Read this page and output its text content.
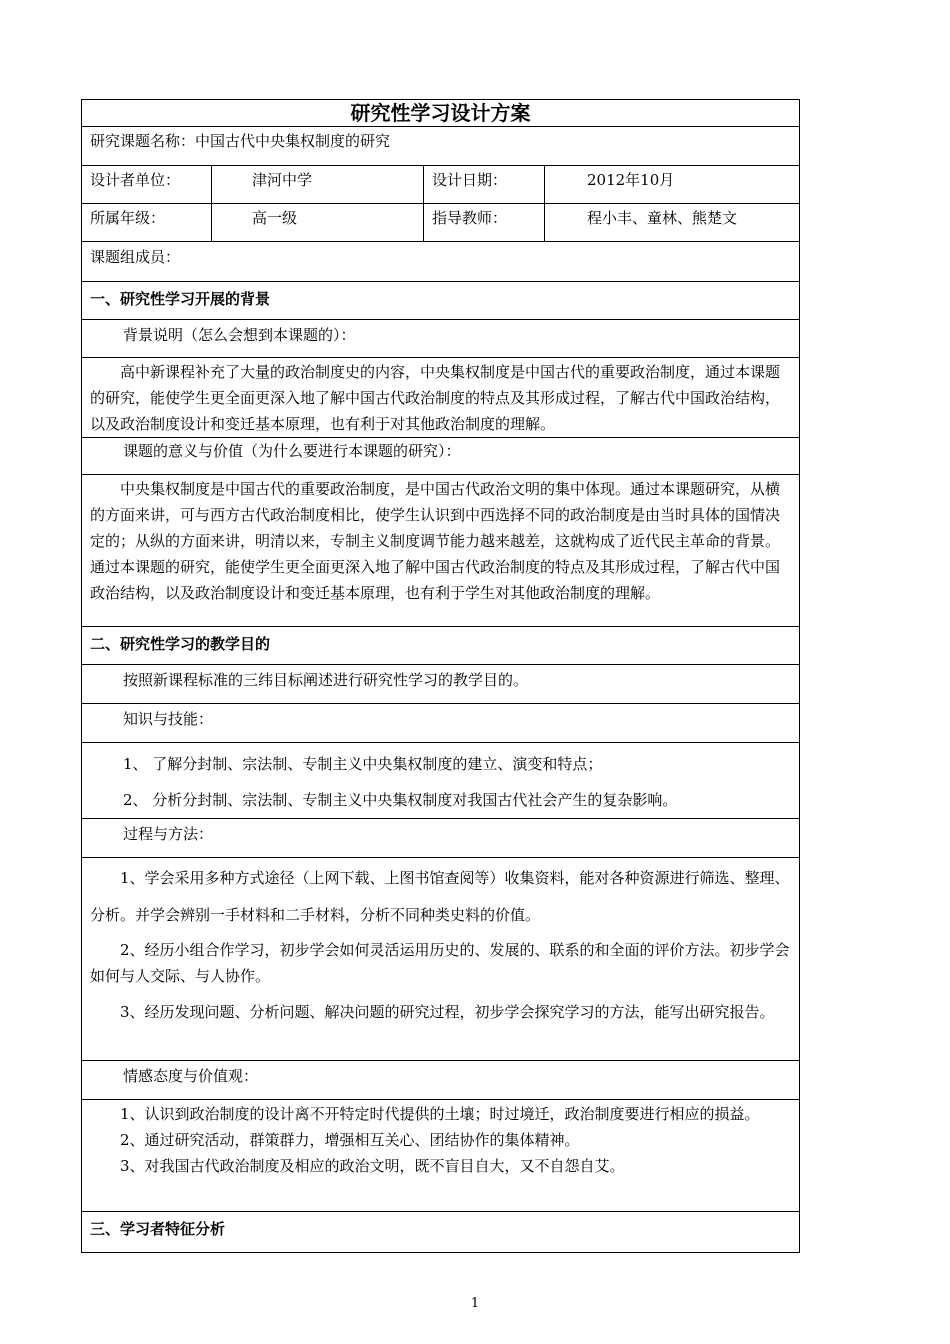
研究性学习设计方案			
研究课题名称：中国古代中央集权制度的研究			
设计者单位：	津河中学	设计日期：	2012年10月
所属年级：	高一级	指导教师：	程小丰、童林、熊楚文
课题组成员：			
一、研究性学习开展的背景			
背景说明（怎么会想到本课题的）：			
高中新课程补充了大量的政治制度史的内容，中央集权制度是中国古代的重要政治制度，通过本课题的研究，能使学生更全面更深入地了解中国古代政治制度的特点及其形成过程，了解古代中国政治结构，以及政治制度设计和变迁基本原理，也有利于对其他政治制度的理解。			
课题的意义与价值（为什么要进行本课题的研究）：			
中央集权制度是中国古代的重要政治制度，是中国古代政治文明的集中体现。通过本课题研究，从横的方面来讲，可与西方古代政治制度相比，使学生认识到中西选择不同的政治制度是由当时具体的国情决定的；从纵的方面来讲，明清以来，专制主义制度调节能力越来越差，这就构成了近代民主革命的背景。通过本课题的研究，能使学生更全面更深入地了解中国古代政治制度的特点及其形成过程，了解古代中国政治结构，以及政治制度设计和变迁基本原理，也有利于学生对其他政治制度的理解。			
二、研究性学习的教学目的			
按照新课程标准的三纬目标阐述进行研究性学习的教学目的。			
知识与技能：			

1、 了解分封制、宗法制、专制主义中央集权制度的建立、演变和特点；

2、 分析分封制、宗法制、专制主义中央集权制度对我国古代社会产生的复杂影响。			

过程与方法：			

1、学会采用多种方式途径（上网下载、上图书馆查阅等）收集资料，能对各种资源进行筛选、整理、分析。并学会辨别一手材料和二手材料，分析不同种类史料的价值。

2、经历小组合作学习，初步学会如何灵活运用历史的、发展的、联系的和全面的评价方法。初步学会如何与人交际、与人协作。

3、经历发现问题、分析问题、解决问题的研究过程，初步学会探究学习的方法，能写出研究报告。			

情感态度与价值观：			

1、认识到政治制度的设计离不开特定时代提供的土壤；时过境迁，政治制度要进行相应的损益。

2、通过研究活动，群策群力，增强相互关心、团结协作的集体精神。

3、对我国古代政治制度及相应的政治文明，既不盲目自大，又不自怨自艾。			

三、学习者特征分析			
1
